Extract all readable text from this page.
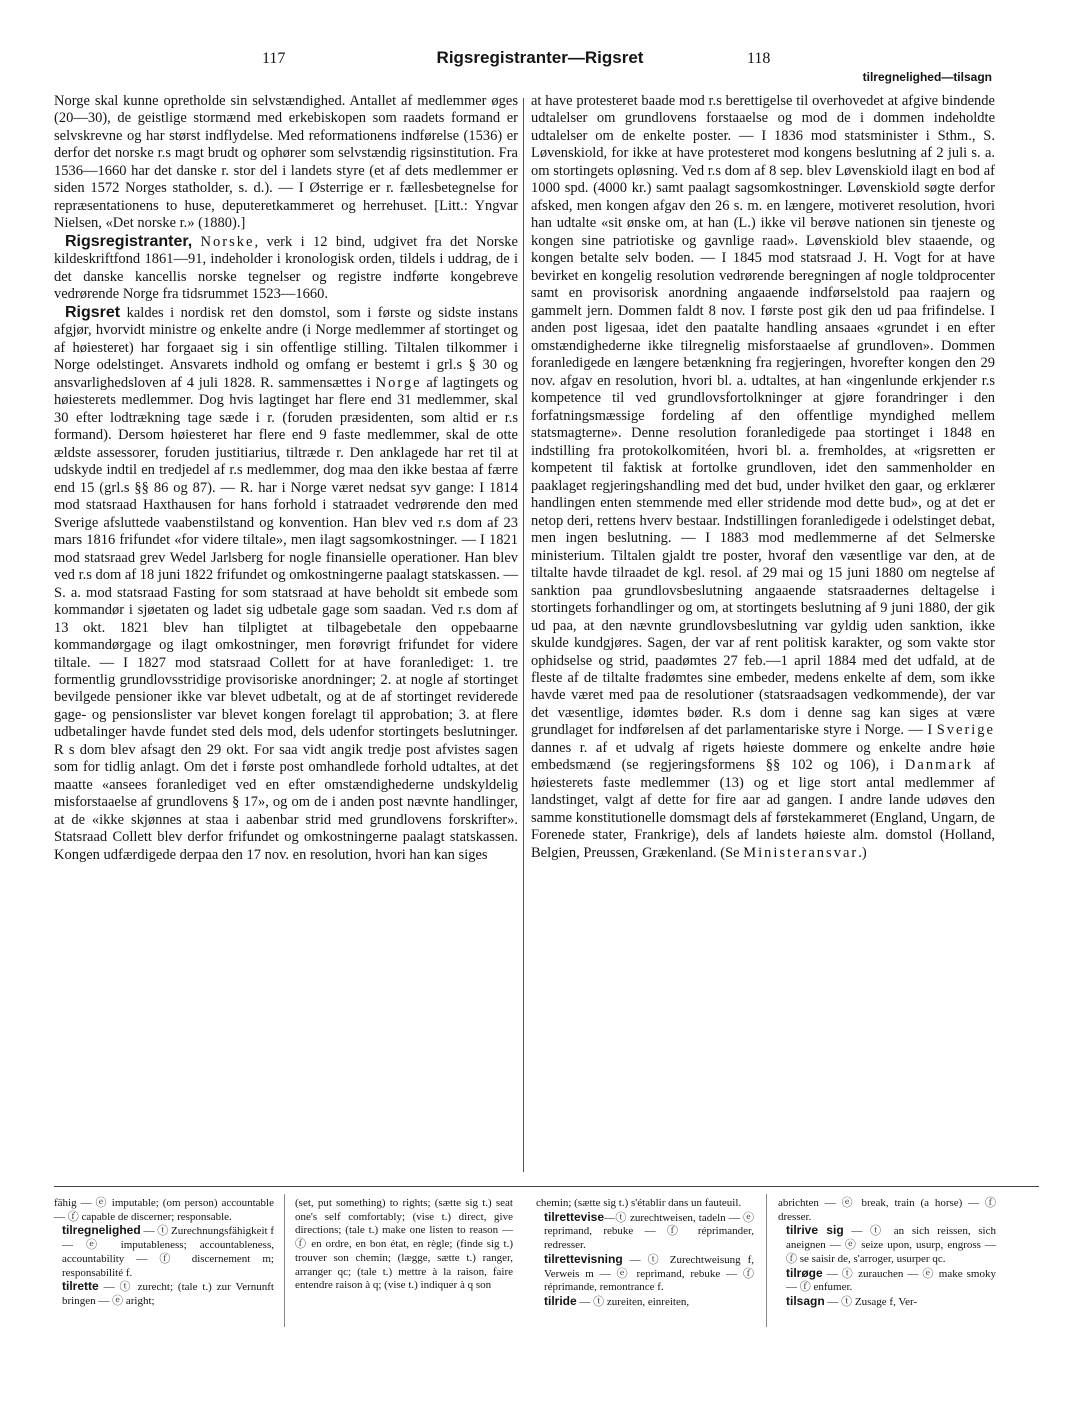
117	Rigsregistranter—Rigsret	118
tilregnelighed—tilsagn

Norge skal kunne opretholde sin selvstændighed. Antallet af medlemmer øges (20—30), de geistlige stormænd med erkebiskopen som raadets formand er selvskrevne og har størst indflydelse. Med reformationens indførelse (1536) er derfor det norske r.s magt brudt og ophører som selvstændig rigsinstitution. Fra 1536—1660 har det danske r. stor del i landets styre (et af dets medlemmer er siden 1572 Norges statholder, s. d.). — I Østerrige er r. fællesbetegnelse for repræsentationens to huse, deputeretkammeret og herrehuset. [Litt.: Yngvar Nielsen, «Det norske r.» (1880).]

Rigsregistranter, Norske, verk i 12 bind, udgivet fra det Norske kildeskriftfond 1861—91, indeholder i kronologisk orden, tildels i uddrag, de i det danske kancellis norske tegnelser og registre indførte kongebreve vedrørende Norge fra tidsrummet 1523—1660.

Rigsret kaldes i nordisk ret den domstol, som i første og sidste instans afgjør, hvorvidt ministre og enkelte andre (i Norge medlemmer af stortinget og af høiesteret) har forgaaet sig i sin offentlige stilling. Tiltalen tilkommer i Norge odelstinget. Ansvarets indhold og omfang er bestemt i grl.s § 30 og ansvarlighedsloven af 4 juli 1828. R. sammensættes i Norge af lagtingets og høiesterets medlemmer. Dog hvis lagtinget har flere end 31 medlemmer, skal 30 efter lodtrækning tage sæde i r. (foruden præsidenten, som altid er r.s formand). Dersom høiesteret har flere end 9 faste medlemmer, skal de otte ældste assessorer, foruden justitiarius, tiltræde r. Den anklagede har ret til at udskyde indtil en tredjedel af r.s medlemmer, dog maa den ikke bestaa af færre end 15 (grl.s §§ 86 og 87). — R. har i Norge været nedsat syv gange: I 1814 mod statsraad Haxthausen for hans forhold i statraadet vedrørende den med Sverige afsluttede vaabenstilstand og konvention. Han blev ved r.s dom af 23 mars 1816 frifundet «for videre tiltale», men ilagt sagsomkostninger. — I 1821 mod statsraad grev Wedel Jarlsberg for nogle finansielle operationer. Han blev ved r.s dom af 18 juni 1822 frifundet og omkostningerne paalagt statskassen. — S. a. mod statsraad Fasting for som statsraad at have beholdt sit embede som kommandør i sjøetaten og ladet sig udbetale gage som saadan. Ved r.s dom af 13 okt. 1821 blev han tilpligtet at tilbagebetale den oppebaarne kommandørgage og ilagt omkostninger, men forøvrigt frifundet for videre tiltale. — I 1827 mod statsraad Collett for at have foranlediget: 1. tre formentlig grundlovsstridige provisoriske anordninger; 2. at nogle af stortinget bevilgede pensioner ikke var blevet udbetalt, og at de af stortinget reviderede gage- og pensionslister var blevet kongen forelagt til approbation; 3. at flere udbetalinger havde fundet sted dels mod, dels udenfor stortingets beslutninger. R s dom blev afsagt den 29 okt. For saa vidt angik tredje post afvistes sagen som for tidlig anlagt. Om det i første post omhandlede forhold udtaltes, at det maatte «ansees foranlediget ved en efter omstændighederne undskyldelig misforstaaelse af grundlovens § 17», og om de i anden post nævnte handlinger, at de «ikke skjønnes at staa i aabenbar strid med grundlovens forskrifter». Statsraad Collett blev derfor frifundet og omkostningerne paalagt statskassen. Kongen udfærdigede derpaa den 17 nov. en resolution, hvori han kan siges

at have protesteret baade mod r.s berettigelse til overhovedet at afgive bindende udtalelser om grundlovens forstaaelse og mod de i dommen indeholdte udtalelser om de enkelte poster. — I 1836 mod statsminister i Sthm., S. Løvenskiold, for ikke at have protesteret mod kongens beslutning af 2 juli s. a. om stortingets opløsning. Ved r.s dom af 8 sep. blev Løvenskiold ilagt en bod af 1000 spd. (4000 kr.) samt paalagt sagsomkostninger. Løvenskiold søgte derfor afsked, men kongen afgav den 26 s. m. en længere, motiveret resolution, hvori han udtalte «sit ønske om, at han (L.) ikke vil berøve nationen sin tjeneste og kongen sine patriotiske og gavnlige raad». Løvenskiold blev staaende, og kongen betalte selv boden. — I 1845 mod statsraad J. H. Vogt for at have bevirket en kongelig resolution vedrørende beregningen af nogle toldprocenter samt en provisorisk anordning angaaende indførselstold paa raajern og gammelt jern. Dommen faldt 8 nov. I første post gik den ud paa frifindelse. I anden post ligesaa, idet den paatalte handling ansaaes «grundet i en efter omstændighederne ikke tilregnelig misforstaaelse af grundloven». Dommen foranledigede en længere betænkning fra regjeringen, hvorefter kongen den 29 nov. afgav en resolution, hvori bl. a. udtaltes, at han «ingenlunde erkjender r.s kompetence til ved grundlovsfortolkninger at gjøre forandringer i den forfatningsmæssige fordeling af den offentlige myndighed mellem statsmagterne». Denne resolution foranledigede paa stortinget i 1848 en indstilling fra protokolkomitéen, hvori bl. a. fremholdes, at «rigsretten er kompetent til faktisk at fortolke grundloven, idet den sammenholder en paaklaget regjeringshandling med det bud, under hvilket den gaar, og erklærer handlingen enten stemmende med eller stridende mod dette bud», og at det er netop deri, rettens hverv bestaar. Indstillingen foranledigede i odelstinget debat, men ingen beslutning. — I 1883 mod medlemmerne af det Selmerske ministerium. Tiltalen gjaldt tre poster, hvoraf den væsentlige var den, at de tiltalte havde tilraadet de kgl. resol. af 29 mai og 15 juni 1880 om negtelse af sanktion paa grundlovsbeslutning angaaende statsraadernes deltagelse i stortingets forhandlinger og om, at stortingets beslutning af 9 juni 1880, der gik ud paa, at den nævnte grundlovsbeslutning var gyldig uden sanktion, ikke skulde kundgjøres. Sagen, der var af rent politisk karakter, og som vakte stor ophidselse og strid, paadømtes 27 feb.—1 april 1884 med det udfald, at de fleste af de tiltalte fradømtes sine embeder, medens enkelte af dem, som ikke havde været med paa de resolutioner (statsraadsagen vedkommende), der var det væsentlige, idømtes bøder. R.s dom i denne sag kan siges at være grundlaget for indførelsen af det parlamentariske styre i Norge. — I Sverige dannes r. af et udvalg af rigets høieste dommere og enkelte andre høie embedsmænd (se regjeringsformens §§ 102 og 106), i Danmark af høiesterets faste medlemmer (13) og et lige stort antal medlemmer af landstinget, valgt af dette for fire aar ad gangen. I andre lande udøves den samme konstitutionelle domsmagt dels af førstekammeret (England, Ungarn, de Forenede stater, Frankrige), dels af landets høieste alm. domstol (Holland, Belgien, Preussen, Grækenland. (Se Ministeransvar.)

fähig — ⓔ imputable; (om person) accountable — ⓕ capable de discerner; responsable.

tilregnelighed — ⓣ Zurechnungsfähigkeit f — ⓔ imputableness; accountableness, accountability — ⓕ discernement m; responsabilité f.

tilrette — ⓣ zurecht; (tale t.) zur Vernunft bringen — ⓔ aright;

(set, put something) to rights; (sætte sig t.) seat one's self comfortably; (vise t.) direct, give directions; (tale t.) make one listen to reason — ⓕ en ordre, en bon état, en règle; (finde sig t.) trouver son chemin; (lægge, sætte t.) ranger, arranger qc; (tale t.) mettre à la raison, faire entendre raison à q; (vise t.) indiquer à q son

chemin; (sætte sig t.) s'établir dans un fauteuil.

tilrettevise—ⓣ zurechtweisen, tadeln — ⓔ reprimand, rebuke — ⓕ réprimander, redresser.

tilrettevisning — ⓣ Zurechtweisung f, Verweis m — ⓔ reprimand, rebuke — ⓕ réprimande, remontrance f.

tilride — ⓣ zureiten, einreiten,

abrichten — ⓔ break, train (a horse) — ⓕ dresser.

tilrive sig — ⓣ an sich reissen, sich aneignen — ⓔ seize upon, usurp, engross — ⓕ se saisir de, s'arroger, usurper qc.

tilrøge — ⓣ zurauchen — ⓔ make smoky — ⓕ enfumer.

tilsagn — ⓣ Zusage f, Ver-
